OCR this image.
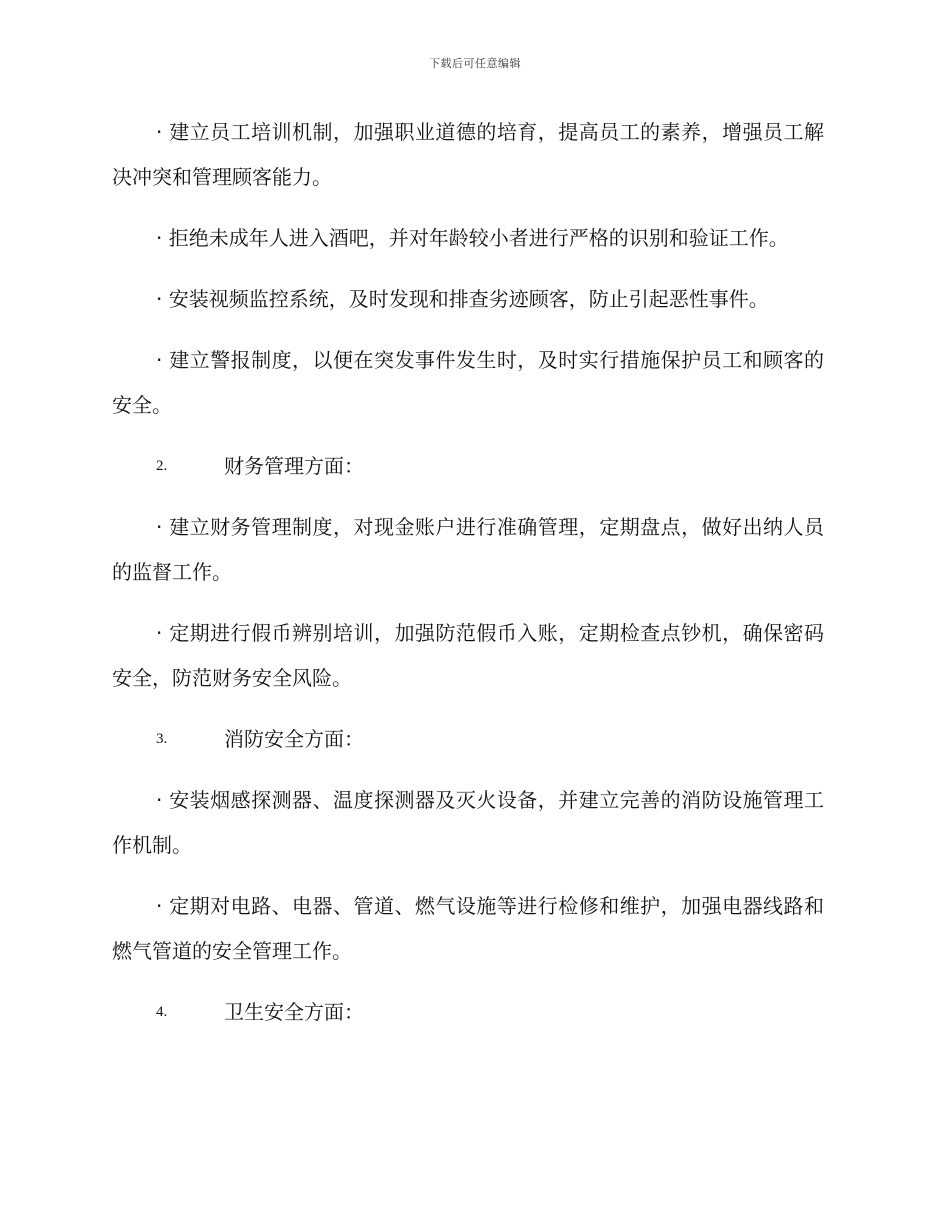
下载后可任意编辑

· 建立员工培训机制，加强职业道德的培育，提高员工的素养，增强员工解决冲突和管理顾客能力。

· 拒绝未成年人进入酒吧，并对年龄较小者进行严格的识别和验证工作。

· 安装视频监控系统，及时发现和排查劣迹顾客，防止引起恶性事件。

· 建立警报制度，以便在突发事件发生时，及时实行措施保护员工和顾客的安全。

2.	财务管理方面：

· 建立财务管理制度，对现金账户进行准确管理，定期盘点，做好出纳人员的监督工作。

· 定期进行假币辨别培训，加强防范假币入账，定期检查点钞机，确保密码安全，防范财务安全风险。

3.	消防安全方面：

· 安装烟感探测器、温度探测器及灭火设备，并建立完善的消防设施管理工作机制。

· 定期对电路、电器、管道、燃气设施等进行检修和维护，加强电器线路和燃气管道的安全管理工作。

4.	卫生安全方面：
